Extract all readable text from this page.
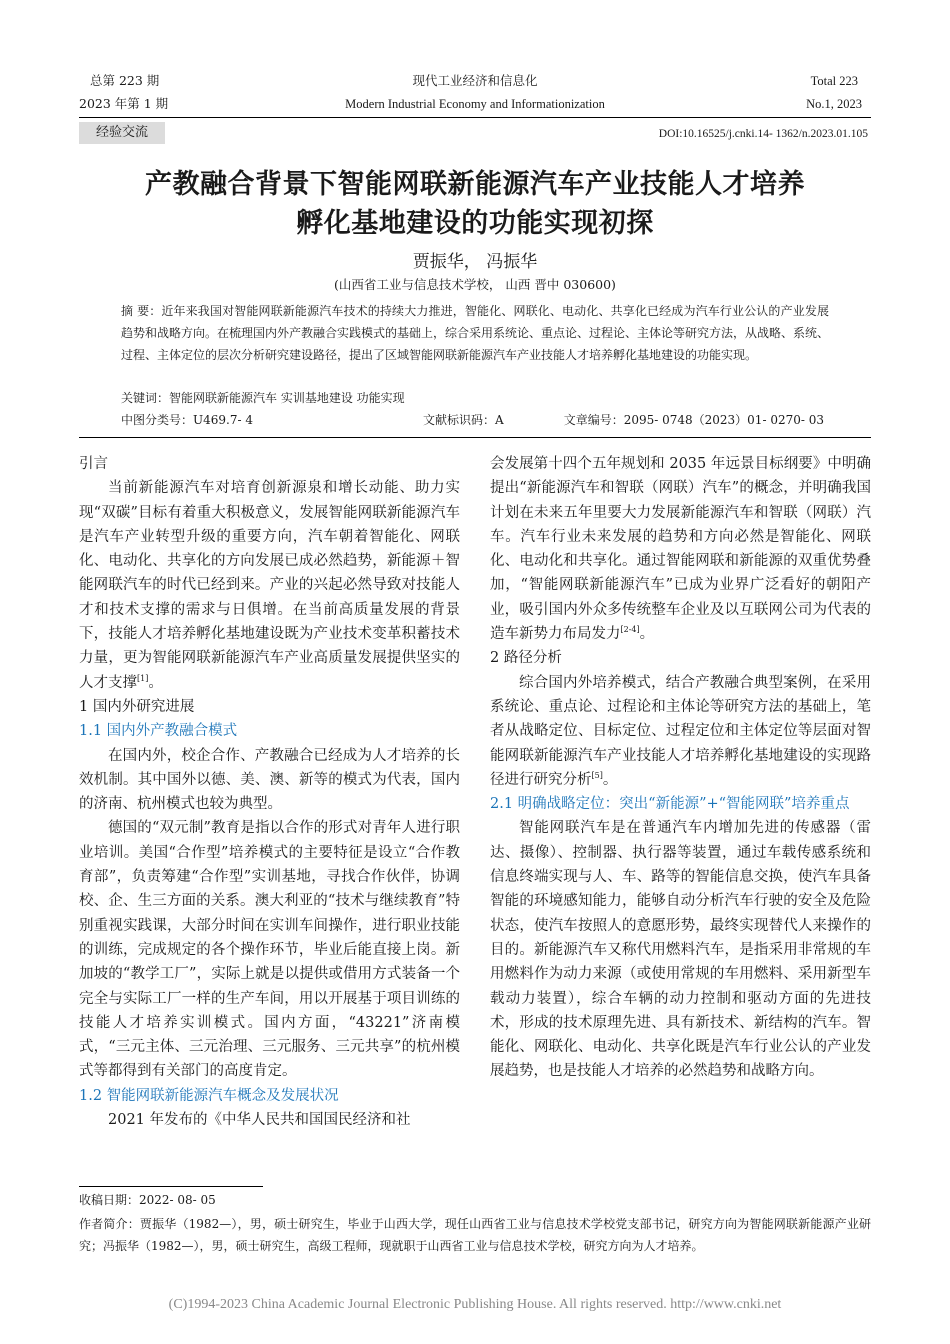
总第 223 期
2023 年第 1 期
现代工业经济和信息化
Modern Industrial Economy and Informationization
Total 223
No.1, 2023
经验交流	DOI:10.16525/j.cnki.14- 1362/n.2023.01.105
产教融合背景下智能网联新能源汽车产业技能人才培养
孵化基地建设的功能实现初探
贾振华， 冯振华
(山西省工业与信息技术学校， 山西 晋中 030600)
摘 要：近年来我国对智能网联新能源汽车技术的持续大力推进，智能化、网联化、电动化、共享化已经成为汽车行业公认的产业发展趋势和战略方向。在梳理国内外产教融合实践模式的基础上，综合采用系统论、重点论、过程论、主体论等研究方法，从战略、系统、过程、主体定位的层次分析研究建设路径，提出了区域智能网联新能源汽车产业技能人才培养孵化基地建设的功能实现。
关键词：智能网联新能源汽车 实训基地建设 功能实现
中图分类号：U469.7- 4	文献标识码：A	文章编号：2095- 0748（2023）01- 0270- 03

引言

当前新能源汽车对培育创新源泉和增长动能、助力实现“双碳”目标有着重大积极意义，发展智能网联新能源汽车是汽车产业转型升级的重要方向，汽车朝着智能化、网联化、电动化、共享化的方向发展已成必然趋势，新能源＋智能网联汽车的时代已经到来。产业的兴起必然导致对技能人才和技术支撑的需求与日俱增。在当前高质量发展的背景下，技能人才培养孵化基地建设既为产业技术变革积蓄技术力量，更为智能网联新能源汽车产业高质量发展提供坚实的人才支撑[1]。

1 国内外研究进展

1.1 国内外产教融合模式

在国内外，校企合作、产教融合已经成为人才培养的长效机制。其中国外以德、美、澳、新等的模式为代表，国内的济南、杭州模式也较为典型。

德国的“双元制”教育是指以合作的形式对青年人进行职业培训。美国“合作型”培养模式的主要特征是设立“合作教育部”，负责筹建“合作型”实训基地，寻找合作伙伴，协调校、企、生三方面的关系。澳大利亚的“技术与继续教育”特别重视实践课，大部分时间在实训车间操作，进行职业技能的训练，完成规定的各个操作环节，毕业后能直接上岗。新加坡的“教学工厂”，实际上就是以提供或借用方式装备一个完全与实际工厂一样的生产车间，用以开展基于项目训练的技能人才培养实训模式。国内方面，“43221”济南模式，“三元主体、三元治理、三元服务、三元共享”的杭州模式等都得到有关部门的高度肯定。

1.2 智能网联新能源汽车概念及发展状况

2021 年发布的《中华人民共和国国民经济和社

会发展第十四个五年规划和 2035 年远景目标纲要》中明确提出“新能源汽车和智联（网联）汽车”的概念，并明确我国计划在未来五年里要大力发展新能源汽车和智联（网联）汽车。汽车行业未来发展的趋势和方向必然是智能化、网联化、电动化和共享化。通过智能网联和新能源的双重优势叠加，“智能网联新能源汽车”已成为业界广泛看好的朝阳产业，吸引国内外众多传统整车企业及以互联网公司为代表的造车新势力布局发力[2-4]。

2 路径分析

综合国内外培养模式，结合产教融合典型案例，在采用系统论、重点论、过程论和主体论等研究方法的基础上，笔者从战略定位、目标定位、过程定位和主体定位等层面对智能网联新能源汽车产业技能人才培养孵化基地建设的实现路径进行研究分析[5]。

2.1 明确战略定位：突出“新能源”+“智能网联”培养重点

智能网联汽车是在普通汽车内增加先进的传感器（雷达、摄像）、控制器、执行器等装置，通过车载传感系统和信息终端实现与人、车、路等的智能信息交换，使汽车具备智能的环境感知能力，能够自动分析汽车行驶的安全及危险状态，使汽车按照人的意愿形势，最终实现替代人来操作的目的。新能源汽车又称代用燃料汽车，是指采用非常规的车用燃料作为动力来源（或使用常规的车用燃料、采用新型车载动力装置），综合车辆的动力控制和驱动方面的先进技术，形成的技术原理先进、具有新技术、新结构的汽车。智能化、网联化、电动化、共享化既是汽车行业公认的产业发展趋势，也是技能人才培养的必然趋势和战略方向。

收稿日期：2022- 08- 05
作者简介：贾振华（1982—），男，硕士研究生，毕业于山西大学，现任山西省工业与信息技术学校党支部书记，研究方向为智能网联新能源产业研究；冯振华（1982—），男，硕士研究生，高级工程师，现就职于山西省工业与信息技术学校，研究方向为人才培养。
(C)1994-2023 China Academic Journal Electronic Publishing House. All rights reserved. http://www.cnki.net
